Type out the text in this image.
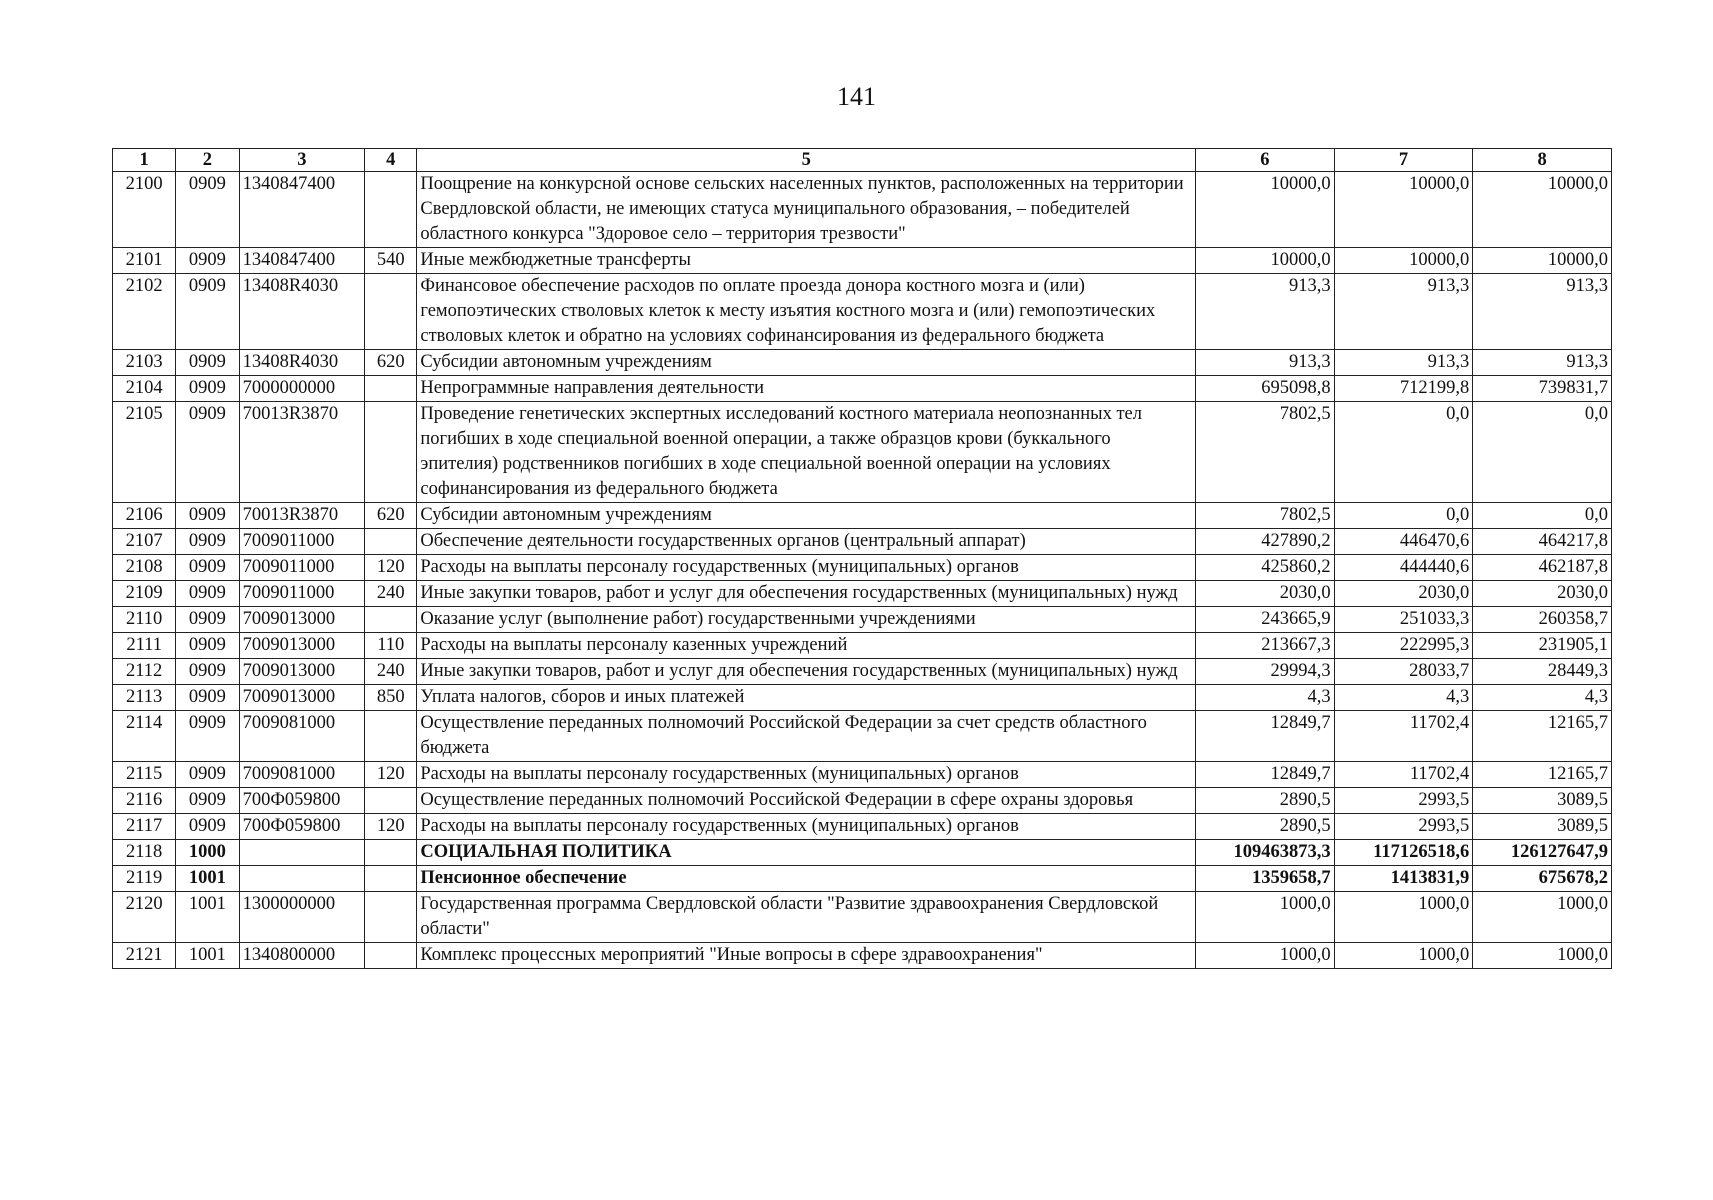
141
1	2	3	4	5	6	7	8
2100	0909	1340847400		Поощрение на конкурсной основе сельских населенных пунктов, расположенных на территории Свердловской области, не имеющих статуса муниципального образования, – победителей областного конкурса "Здоровое село – территория трезвости"	10000,0	10000,0	10000,0
2101	0909	1340847400	540	Иные межбюджетные трансферты	10000,0	10000,0	10000,0
2102	0909	13408R4030		Финансовое обеспечение расходов по оплате проезда донора костного мозга и (или) гемопоэтических стволовых клеток к месту изъятия костного мозга и (или) гемопоэтических стволовых клеток и обратно на условиях софинансирования из федерального бюджета	913,3	913,3	913,3
2103	0909	13408R4030	620	Субсидии автономным учреждениям	913,3	913,3	913,3
2104	0909	7000000000		Непрограммные направления деятельности	695098,8	712199,8	739831,7
2105	0909	70013R3870		Проведение генетических экспертных исследований костного материала неопознанных тел погибших в ходе специальной военной операции, а также образцов крови (буккального эпителия) родственников погибших в ходе специальной военной операции на условиях софинансирования из федерального бюджета	7802,5	0,0	0,0
2106	0909	70013R3870	620	Субсидии автономным учреждениям	7802,5	0,0	0,0
2107	0909	7009011000		Обеспечение деятельности государственных органов (центральный аппарат)	427890,2	446470,6	464217,8
2108	0909	7009011000	120	Расходы на выплаты персоналу государственных (муниципальных) органов	425860,2	444440,6	462187,8
2109	0909	7009011000	240	Иные закупки товаров, работ и услуг для обеспечения государственных (муниципальных) нужд	2030,0	2030,0	2030,0
2110	0909	7009013000		Оказание услуг (выполнение работ) государственными учреждениями	243665,9	251033,3	260358,7
2111	0909	7009013000	110	Расходы на выплаты персоналу казенных учреждений	213667,3	222995,3	231905,1
2112	0909	7009013000	240	Иные закупки товаров, работ и услуг для обеспечения государственных (муниципальных) нужд	29994,3	28033,7	28449,3
2113	0909	7009013000	850	Уплата налогов, сборов и иных платежей	4,3	4,3	4,3
2114	0909	7009081000		Осуществление переданных полномочий Российской Федерации за счет средств областного бюджета	12849,7	11702,4	12165,7
2115	0909	7009081000	120	Расходы на выплаты персоналу государственных (муниципальных) органов	12849,7	11702,4	12165,7
2116	0909	700Ф059800		Осуществление переданных полномочий Российской Федерации в сфере охраны здоровья	2890,5	2993,5	3089,5
2117	0909	700Ф059800	120	Расходы на выплаты персоналу государственных (муниципальных) органов	2890,5	2993,5	3089,5
2118	1000			СОЦИАЛЬНАЯ ПОЛИТИКА	109463873,3	117126518,6	126127647,9
2119	1001			Пенсионное обеспечение	1359658,7	1413831,9	675678,2
2120	1001	1300000000		Государственная программа Свердловской области "Развитие здравоохранения Свердловской области"	1000,0	1000,0	1000,0
2121	1001	1340800000		Комплекс процессных мероприятий "Иные вопросы в сфере здравоохранения"	1000,0	1000,0	1000,0
